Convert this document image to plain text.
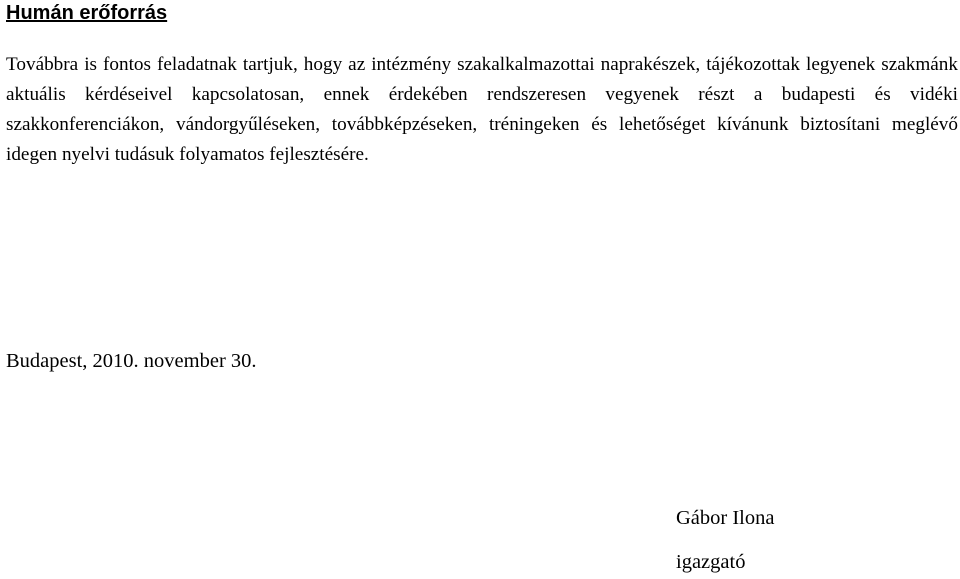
Humán erőforrás

Továbbra is fontos feladatnak tartjuk, hogy az intézmény szakalkalmazottai naprakészek, tájékozottak legyenek szakmánk aktuális kérdéseivel kapcsolatosan, ennek érdekében rendszeresen vegyenek részt a budapesti és vidéki szakkonferenciákon, vándorgyűléseken, továbbképzéseken, tréningeken és lehetőséget kívánunk biztosítani meglévő idegen nyelvi tudásuk folyamatos fejlesztésére.

Budapest, 2010. november 30.

Gábor Ilona

igazgató
